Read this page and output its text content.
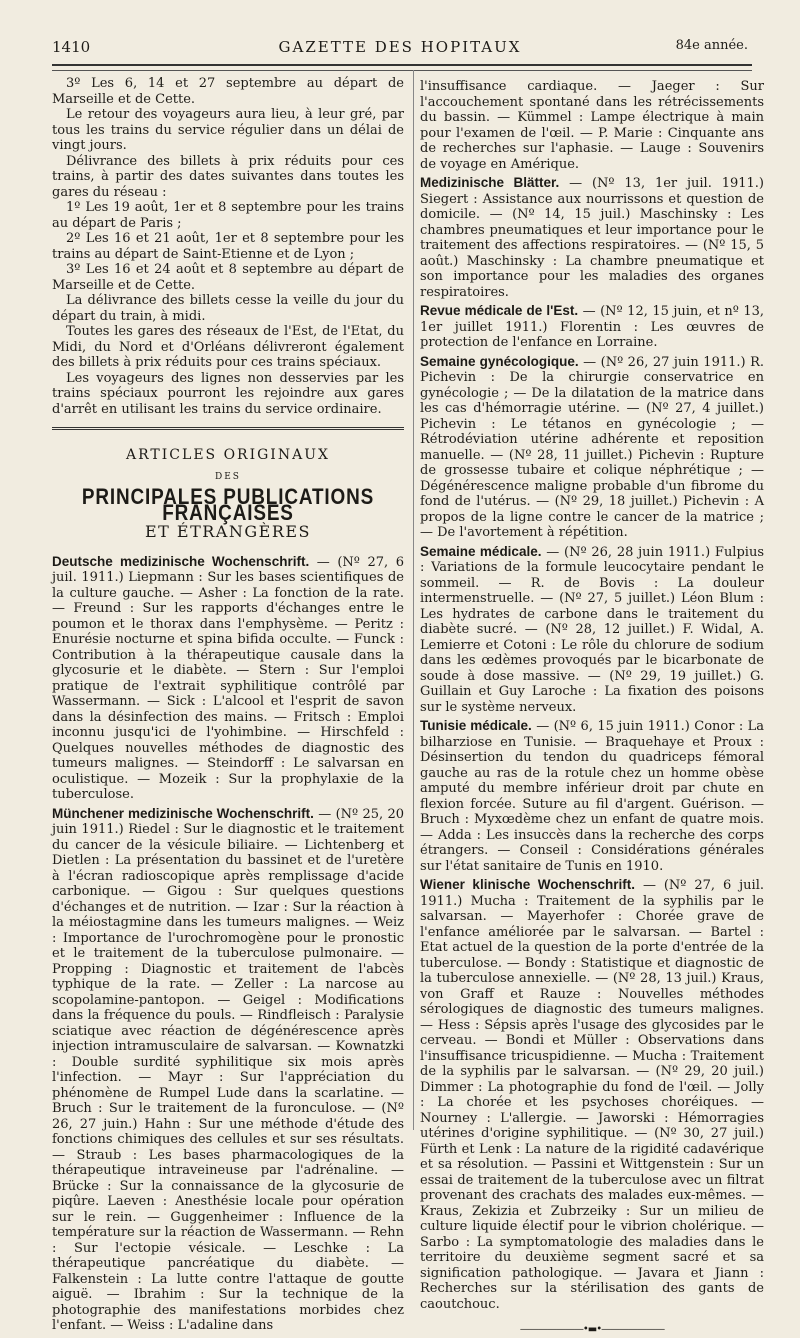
1410	GAZETTE DES HOPITAUX	84e année.

3º Les 6, 14 et 27 septembre au départ de Marseille et de Cette.

Le retour des voyageurs aura lieu, à leur gré, par tous les trains du service régulier dans un délai de vingt jours.

Délivrance des billets à prix réduits pour ces trains, à partir des dates suivantes dans toutes les gares du réseau :

1º Les 19 août, 1er et 8 septembre pour les trains au départ de Paris ;

2º Les 16 et 21 août, 1er et 8 septembre pour les trains au départ de Saint-Etienne et de Lyon ;

3º Les 16 et 24 août et 8 septembre au départ de Marseille et de Cette.

La délivrance des billets cesse la veille du jour du départ du train, à midi.

Toutes les gares des réseaux de l'Est, de l'Etat, du Midi, du Nord et d'Orléans délivreront également des billets à prix réduits pour ces trains spéciaux.

Les voyageurs des lignes non desservies par les trains spéciaux pourront les rejoindre aux gares d'arrêt en utilisant les trains du service ordinaire.

ARTICLES ORIGINAUX
DES
PRINCIPALES PUBLICATIONS FRANÇAISES
ET ÉTRANGÈRES

Deutsche medizinische Wochenschrift. — (Nº 27, 6 juil. 1911.) Liepmann : Sur les bases scientifiques de la culture gauche. — Asher : La fonction de la rate. — Freund : Sur les rapports d'échanges entre le poumon et le thorax dans l'emphysème. — Peritz : Enurésie nocturne et spina bifida occulte. — Funck : Contribution à la thérapeutique causale dans la glycosurie et le diabète. — Stern : Sur l'emploi pratique de l'extrait syphilitique contrôlé par Wassermann. — Sick : L'alcool et l'esprit de savon dans la désinfection des mains. — Fritsch : Emploi inconnu jusqu'ici de l'yohimbine. — Hirschfeld : Quelques nouvelles méthodes de diagnostic des tumeurs malignes. — Steindorff : Le salvarsan en oculistique. — Mozeik : Sur la prophylaxie de la tuberculose.

Münchener medizinische Wochenschrift. — (Nº 25, 20 juin 1911.) Riedel : Sur le diagnostic et le traitement du cancer de la vésicule biliaire. — Lichtenberg et Dietlen : La présentation du bassinet et de l'uretère à l'écran radioscopique après remplissage d'acide carbonique. — Gigou : Sur quelques questions d'échanges et de nutrition. — Izar : Sur la réaction à la méiostagmine dans les tumeurs malignes. — Weiz : Importance de l'urochromogène pour le pronostic et le traitement de la tuberculose pulmonaire. — Propping : Diagnostic et traitement de l'abcès typhique de la rate. — Zeller : La narcose au scopolamine-pantopon. — Geigel : Modifications dans la fréquence du pouls. — Rindfleisch : Paralysie sciatique avec réaction de dégénérescence après injection intramusculaire de salvarsan. — Kownatzki : Double surdité syphilitique six mois après l'infection. — Mayr : Sur l'appréciation du phénomène de Rumpel Lude dans la scarlatine. — Bruch : Sur le traitement de la furonculose. — (Nº 26, 27 juin.) Hahn : Sur une méthode d'étude des fonctions chimiques des cellules et sur ses résultats. — Straub : Les bases pharmacologiques de la thérapeutique intraveineuse par l'adrénaline. — Brücke : Sur la connaissance de la glycosurie de piqûre. Laeven : Anesthésie locale pour opération sur le rein. — Guggenheimer : Influence de la température sur la réaction de Wassermann. — Rehn : Sur l'ectopie vésicale. — Leschke : La thérapeutique pancréatique du diabète. — Falkenstein : La lutte contre l'attaque de goutte aiguë. — Ibrahim : Sur la technique de la photographie des manifestations morbides chez l'enfant. — Weiss : L'adaline dans

l'insuffisance cardiaque. — Jaeger : Sur l'accouchement spontané dans les rétrécissements du bassin. — Kümmel : Lampe électrique à main pour l'examen de l'œil. — P. Marie : Cinquante ans de recherches sur l'aphasie. — Lauge : Souvenirs de voyage en Amérique.

Medizinische Blätter. — (Nº 13, 1er juil. 1911.) Siegert : Assistance aux nourrissons et question de domicile. — (Nº 14, 15 juil.) Maschinsky : Les chambres pneumatiques et leur importance pour le traitement des affections respiratoires. — (Nº 15, 5 août.) Maschinsky : La chambre pneumatique et son importance pour les maladies des organes respiratoires.

Revue médicale de l'Est. — (Nº 12, 15 juin, et nº 13, 1er juillet 1911.) Florentin : Les œuvres de protection de l'enfance en Lorraine.

Semaine gynécologique. — (Nº 26, 27 juin 1911.) R. Pichevin : De la chirurgie conservatrice en gynécologie ; — De la dilatation de la matrice dans les cas d'hémorragie utérine. — (Nº 27, 4 juillet.) Pichevin : Le tétanos en gynécologie ; — Rétrodéviation utérine adhérente et reposition manuelle. — (Nº 28, 11 juillet.) Pichevin : Rupture de grossesse tubaire et colique néphrétique ; — Dégénérescence maligne probable d'un fibrome du fond de l'utérus. — (Nº 29, 18 juillet.) Pichevin : A propos de la ligne contre le cancer de la matrice ; — De l'avortement à répétition.

Semaine médicale. — (Nº 26, 28 juin 1911.) Fulpius : Variations de la formule leucocytaire pendant le sommeil. — R. de Bovis : La douleur intermenstruelle. — (Nº 27, 5 juillet.) Léon Blum : Les hydrates de carbone dans le traitement du diabète sucré. — (Nº 28, 12 juillet.) F. Widal, A. Lemierre et Cotoni : Le rôle du chlorure de sodium dans les œdèmes provoqués par le bicarbonate de soude à dose massive. — (Nº 29, 19 juillet.) G. Guillain et Guy Laroche : La fixation des poisons sur le système nerveux.

Tunisie médicale. — (Nº 6, 15 juin 1911.) Conor : La bilharziose en Tunisie. — Braquehaye et Proux : Désinsertion du tendon du quadriceps fémoral gauche au ras de la rotule chez un homme obèse amputé du membre inférieur droit par chute en flexion forcée. Suture au fil d'argent. Guérison. — Bruch : Myxœdème chez un enfant de quatre mois. — Adda : Les insuccès dans la recherche des corps étrangers. — Conseil : Considérations générales sur l'état sanitaire de Tunis en 1910.

Wiener klinische Wochenschrift. — (Nº 27, 6 juil. 1911.) Mucha : Traitement de la syphilis par le salvarsan. — Mayerhofer : Chorée grave de l'enfance améliorée par le salvarsan. — Bartel : Etat actuel de la question de la porte d'entrée de la tuberculose. — Bondy : Statistique et diagnostic de la tuberculose annexielle. — (Nº 28, 13 juil.) Kraus, von Graff et Rauze : Nouvelles méthodes sérologiques de diagnostic des tumeurs malignes. — Hess : Sépsis après l'usage des glycosides par le cerveau. — Bondi et Müller : Observations dans l'insuffisance tricuspidienne. — Mucha : Traitement de la syphilis par le salvarsan. — (Nº 29, 20 juil.) Dimmer : La photographie du fond de l'œil. — Jolly : La chorée et les psychoses choréiques. — Nourney : L'allergie. — Jaworski : Hémorragies utérines d'origine syphilitique. — (Nº 30, 27 juil.) Fürth et Lenk : La nature de la rigidité cadavérique et sa résolution. — Passini et Wittgenstein : Sur un essai de traitement de la tuberculose avec un filtrat provenant des crachats des malades eux-mêmes. — Kraus, Zekizia et Zubrzeiky : Sur un milieu de culture liquide électif pour le vibrion cholérique. — Sarbo : La symptomatologie des maladies dans le territoire du deuxième segment sacré et sa signification pathologique. — Javara et Jiann : Recherches sur la stérilisation des gants de caoutchouc.

———————•▬•———————
